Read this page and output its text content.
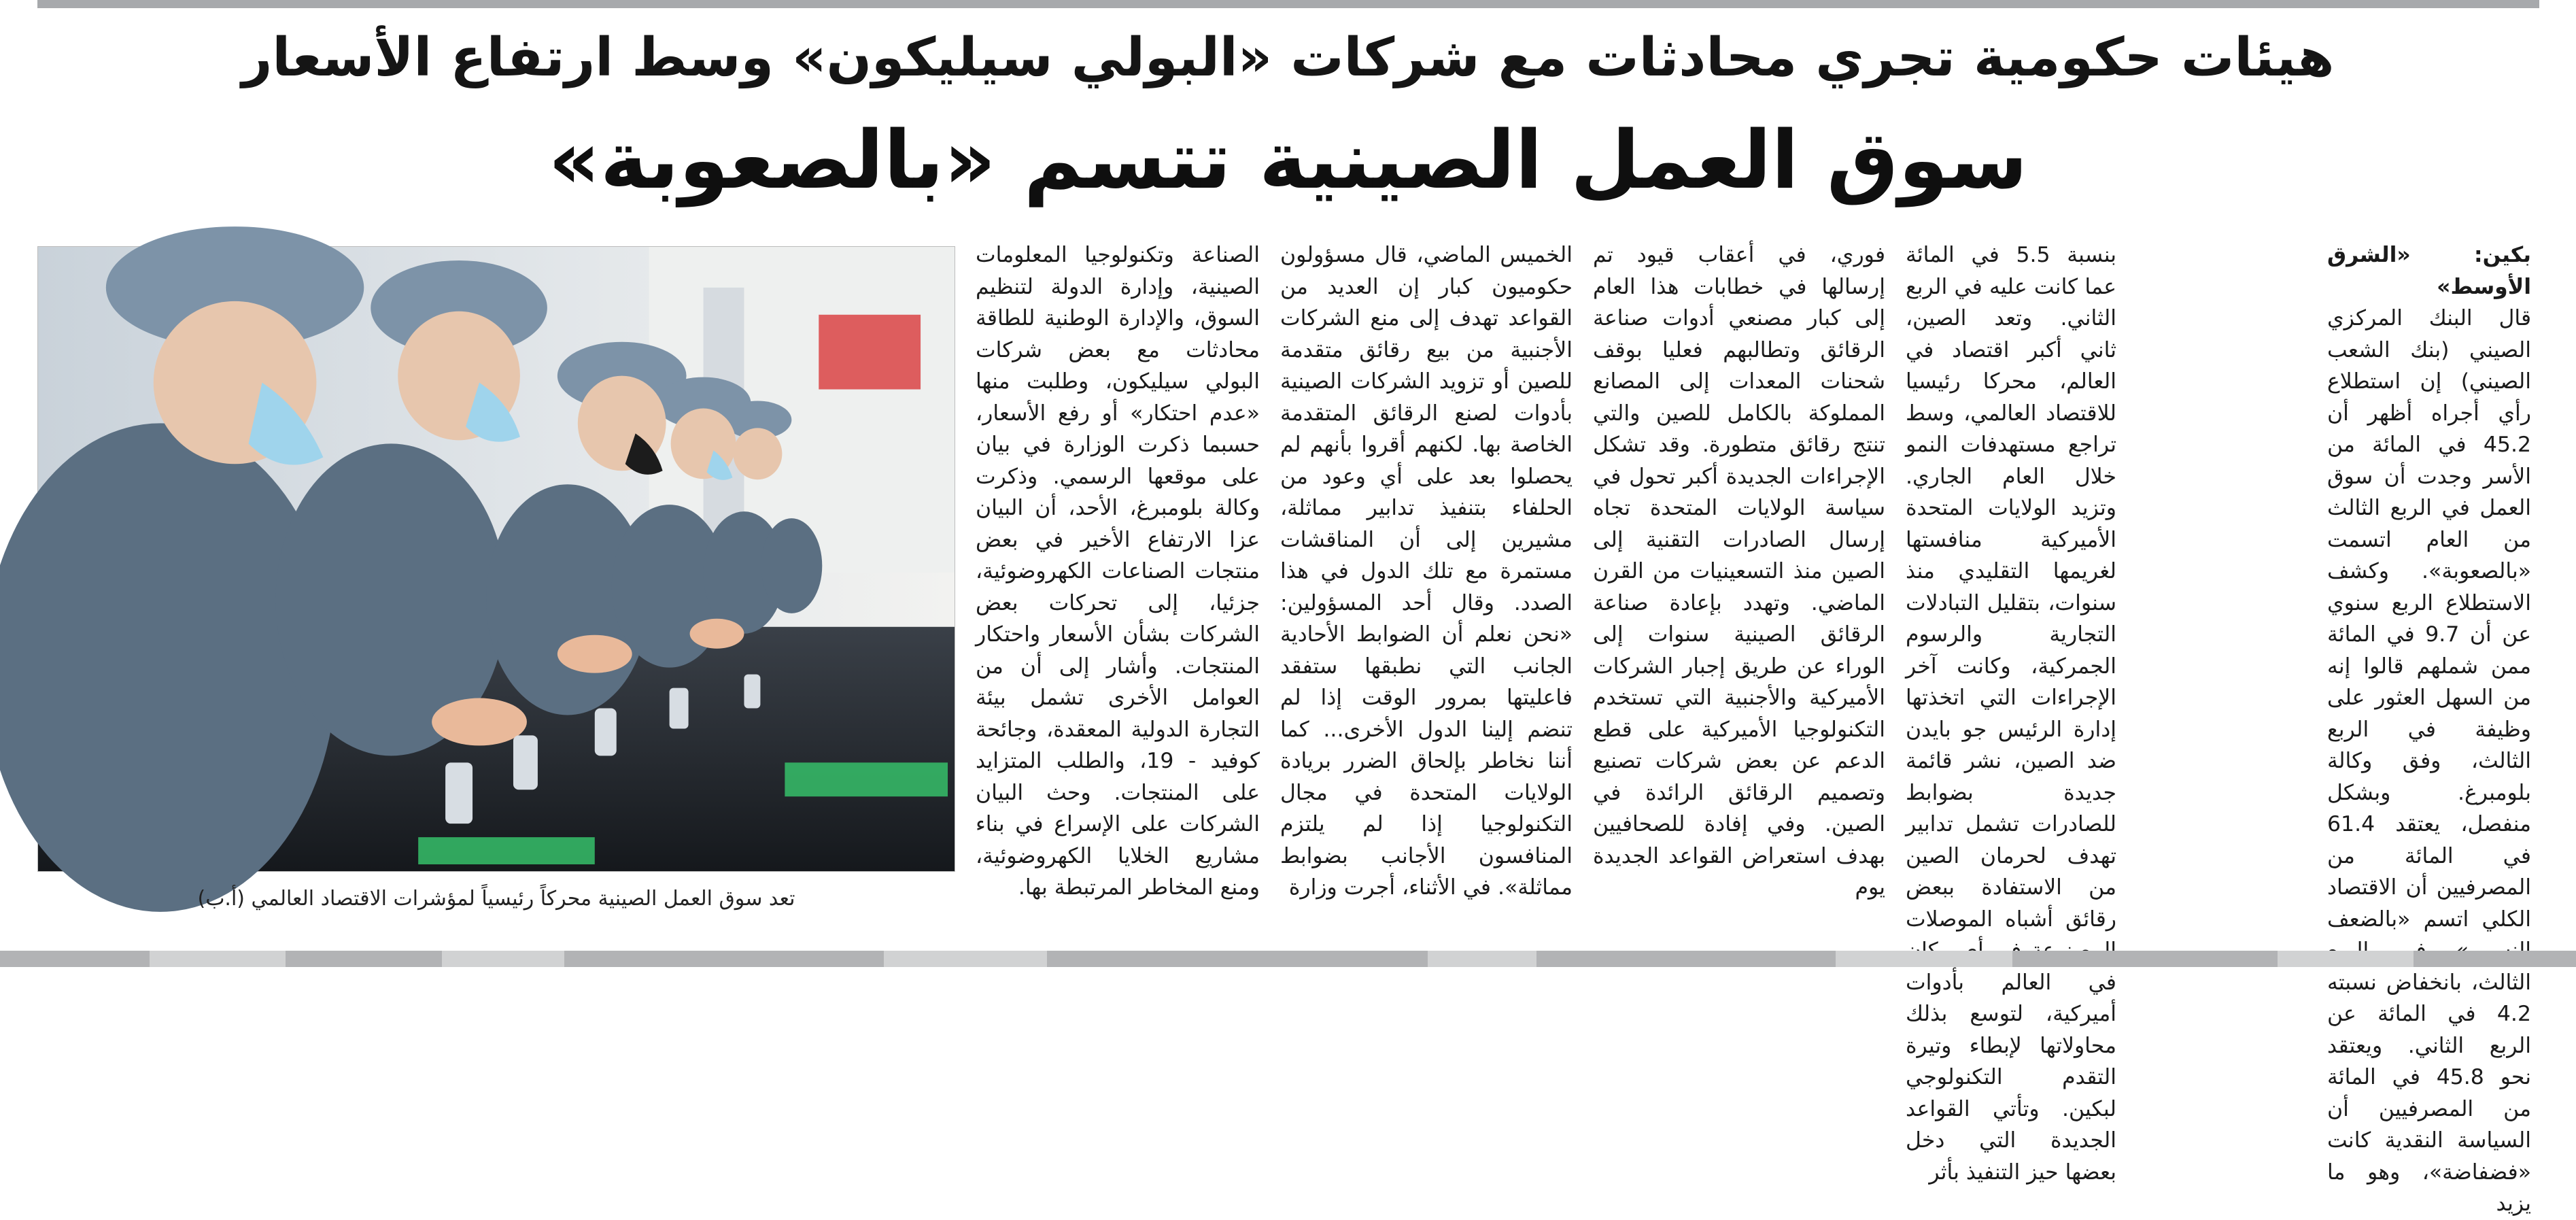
هيئات حكومية تجري محادثات مع شركات «البولي سيليكون» وسط ارتفاع الأسعار
سوق العمل الصينية تتسم «بالصعوبة»

بكين: «الشرق الأوسط»
قال البنك المركزي الصيني (بنك الشعب الصيني) إن استطلاع رأي أجراه أظهر أن 45.2 في المائة من الأسر وجدت أن سوق العمل في الربع الثالث من العام اتسمت «بالصعوبة». وكشف الاستطلاع الربع سنوي عن أن 9.7 في المائة ممن شملهم قالوا إنه من السهل العثور على وظيفة في الربع الثالث، وفق وكالة بلومبرغ. وبشكل منفصل، يعتقد 61.4 في المائة من المصرفيين أن الاقتصاد الكلي اتسم «بالضعف الثالث، بانخفاض نسبته 4.2 في المائة عن الربع الثاني. ويعتقد نحو 45.8 في المائة من المصرفيين أن السياسة النقدية كانت «فضفاضة»، وهو ما يزيد

بنسبة 5.5 في المائة عما كانت عليه في الربع الثاني. وتعد الصين، ثاني أكبر اقتصاد في العالم، محركا رئيسيا للاقتصاد العالمي، وسط تراجع مستهدفات النمو خلال العام الجاري. وتزيد الولايات المتحدة الأميركية منافستها لغريمها التقليدي منذ سنوات، بتقليل التبادلات التجارية والرسوم الجمركية، وكانت آخر الإجراءات التي اتخذتها إدارة الرئيس جو بايدن ضد الصين، نشر قائمة جديدة بضوابط للصادرات تشمل تدابير تهدف لحرمان الصين من الاستفادة ببعض رقائق أشباه الموصلات في العالم بأدوات أميركية، لتوسع بذلك محاولاتها لإبطاء وتيرة التقدم التكنولوجي لبكين. وتأتي القواعد الجديدة التي دخل بعضها حيز التنفيذ بأثر

فوري، في أعقاب قيود تم إرسالها في خطابات هذا العام إلى كبار مصنعي أدوات صناعة الرقائق وتطالبهم فعليا بوقف شحنات المعدات إلى المصانع المملوكة بالكامل للصين والتي تنتج رقائق متطورة. وقد تشكل الإجراءات الجديدة أكبر تحول في سياسة الولايات المتحدة تجاه إرسال الصادرات التقنية إلى الصين منذ التسعينيات من القرن الماضي. وتهدد بإعادة صناعة الرقائق الصينية سنوات إلى الوراء عن طريق إجبار الشركات الأميركية والأجنبية التي تستخدم التكنولوجيا الأميركية على قطع الدعم عن بعض شركات تصنيع وتصميم الرقائق الرائدة في الصين. وفي إفادة للصحافيين بهدف استعراض القواعد الجديدة يوم

الخميس الماضي، قال مسؤولون حكوميون كبار إن العديد من القواعد تهدف إلى منع الشركات الأجنبية من بيع رقائق متقدمة للصين أو تزويد الشركات الصينية بأدوات لصنع الرقائق المتقدمة الخاصة بها. لكنهم أقروا بأنهم لم يحصلوا بعد على أي وعود من الحلفاء بتنفيذ تدابير مماثلة، مشيرين إلى أن المناقشات مستمرة مع تلك الدول في هذا الصدد. وقال أحد المسؤولين: «نحن نعلم أن الضوابط الأحادية الجانب التي نطبقها ستفقد فاعليتها بمرور الوقت إذا لم تنضم إلينا الدول الأخرى... كما أننا نخاطر بإلحاق الضرر بريادة الولايات المتحدة في مجال التكنولوجيا إذا لم يلتزم المنافسون الأجانب بضوابط مماثلة». في الأثناء، أجرت وزارة

الصناعة وتكنولوجيا المعلومات الصينية، وإدارة الدولة لتنظيم السوق، والإدارة الوطنية للطاقة محادثات مع بعض شركات البولي سيليكون، وطلبت منها «عدم احتكار» أو رفع الأسعار، حسبما ذكرت الوزارة في بيان على موقعها الرسمي. وذكرت وكالة بلومبرغ، الأحد، أن البيان عزا الارتفاع الأخير في بعض منتجات الصناعات الكهروضوئية، جزئيا، إلى تحركات بعض الشركات بشأن الأسعار واحتكار المنتجات. وأشار إلى أن من العوامل الأخرى تشمل بيئة التجارة الدولية المعقدة، وجائحة كوفيد - 19، والطلب المتزايد على المنتجات. وحث البيان الشركات على الإسراع في بناء مشاريع الخلايا الكهروضوئية، ومنع المخاطر المرتبطة بها.

تعد سوق العمل الصينية محركاً رئيسياً لمؤشرات الاقتصاد العالمي (أ.ب)
